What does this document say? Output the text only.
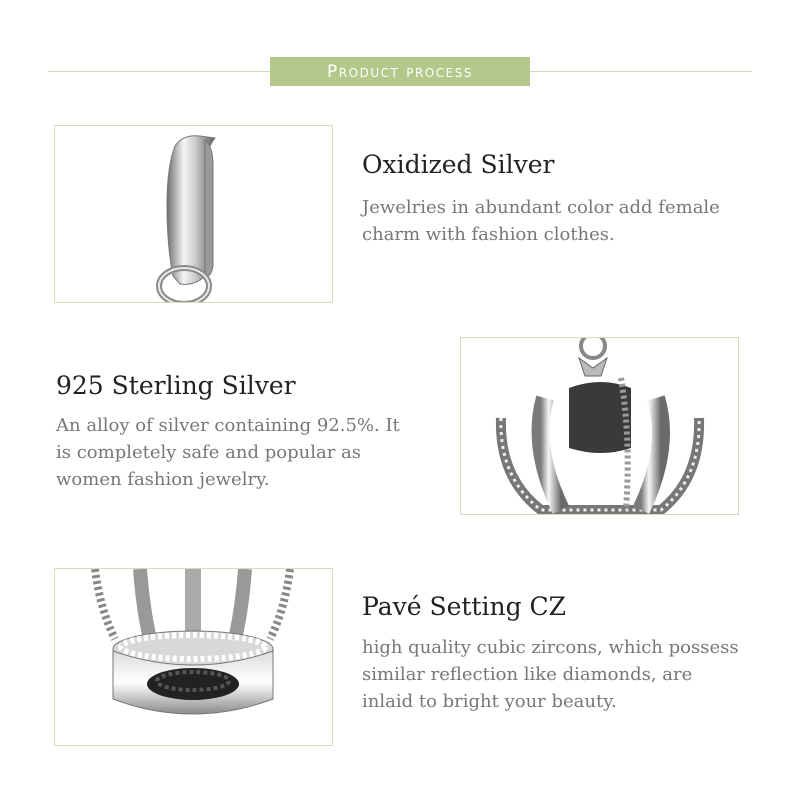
Product process
Oxidized Silver
Jewelries in abundant color add female
charm with fashion clothes.
925 Sterling Silver
An alloy of silver containing 92.5%. It
is completely safe and popular as
women fashion jewelry.
Pavé Setting CZ
high quality cubic zircons, which possess
similar reflection like diamonds, are
inlaid to bright your beauty.
